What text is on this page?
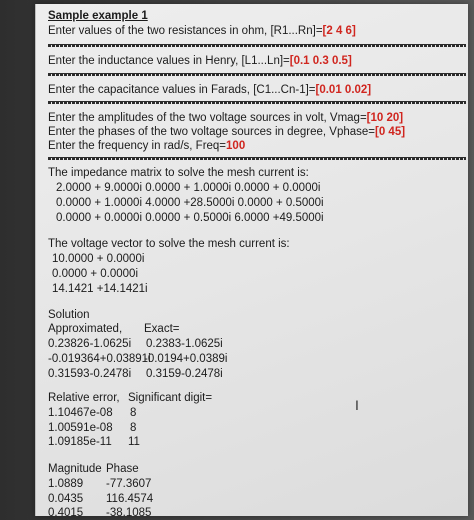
Sample example 1
Enter values of the two resistances in ohm, [R1...Rn]=[2 4 6]
Enter the inductance values in Henry, [L1...Ln]=[0.1 0.3 0.5]
Enter the capacitance values in Farads, [C1...Cn-1]=[0.01 0.02]
Enter the amplitudes of the two voltage sources in volt, Vmag=[10 20]
Enter the phases of the two voltage sources in degree, Vphase=[0 45]
Enter the frequency in rad/s, Freq=100
The impedance matrix to solve the mesh current is:
2.0000 + 9.0000i 0.0000 + 1.0000i 0.0000 + 0.0000i
0.0000 + 1.0000i 4.0000 +28.5000i 0.0000 + 0.5000i
0.0000 + 0.0000i 0.0000 + 0.5000i 6.0000 +49.5000i
The voltage vector to solve the mesh current is:
10.0000 + 0.0000i
0.0000 + 0.0000i
14.1421 +14.1421i
Solution
Approximated, Exact=
0.23826-1.0625i
-0.019364+0.03891i
0.31593-0.2478i
0.2383-1.0625i
-0.0194+0.0389i
0.3159-0.2478i
Relative error, Significant digit=
1.10467e-08
1.00591e-08
1.09185e-11
8
8
11
Magnitude Phase
1.0889
0.0435
0.4015
-77.3607
116.4574
-38.1085
I
